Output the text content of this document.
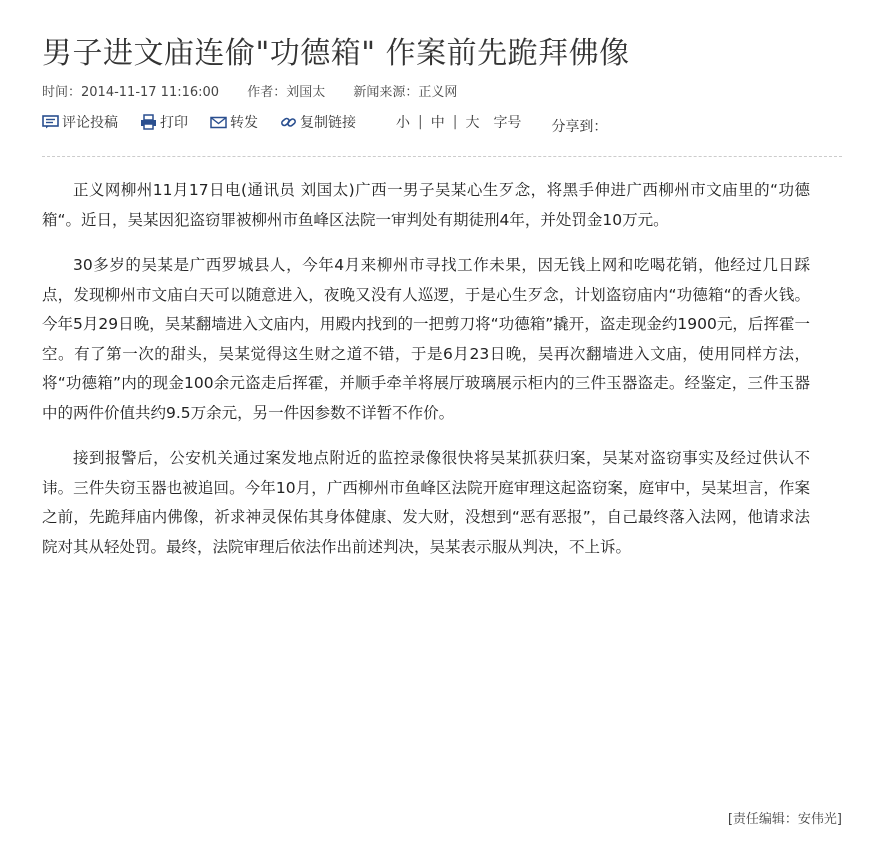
男子进文庙连偷"功德箱" 作案前先跪拜佛像
时间：2014-11-17 11:16:00 作者：刘国太 新闻来源：正义网
评论投稿	打印	转发	复制链接	小 | 中 | 大	字号 分享到：

正义网柳州11月17日电(通讯员 刘国太)广西一男子吴某心生歹念，将黑手伸进广西柳州市文庙里的“功德箱“。近日，吴某因犯盗窃罪被柳州市鱼峰区法院一审判处有期徒刑4年，并处罚金10万元。

30多岁的吴某是广西罗城县人，今年4月来柳州市寻找工作未果，因无钱上网和吃喝花销，他经过几日踩点，发现柳州市文庙白天可以随意进入，夜晚又没有人巡逻，于是心生歹念，计划盗窃庙内“功德箱“的香火钱。今年5月29日晚，吴某翻墙进入文庙内，用殿内找到的一把剪刀将“功德箱”撬开，盗走现金约1900元，后挥霍一空。有了第一次的甜头，吴某觉得这生财之道不错，于是6月23日晚，吴再次翻墙进入文庙，使用同样方法，将“功德箱”内的现金100余元盗走后挥霍，并顺手牵羊将展厅玻璃展示柜内的三件玉器盗走。经鉴定，三件玉器中的两件价值共约9.5万余元，另一件因参数不详暂不作价。

接到报警后，公安机关通过案发地点附近的监控录像很快将吴某抓获归案，吴某对盗窃事实及经过供认不讳。三件失窃玉器也被追回。今年10月，广西柳州市鱼峰区法院开庭审理这起盗窃案，庭审中，吴某坦言，作案之前，先跪拜庙内佛像，祈求神灵保佑其身体健康、发大财，没想到“恶有恶报”，自己最终落入法网，他请求法院对其从轻处罚。最终，法院审理后依法作出前述判决，吴某表示服从判决，不上诉。

[责任编辑：安伟光]
